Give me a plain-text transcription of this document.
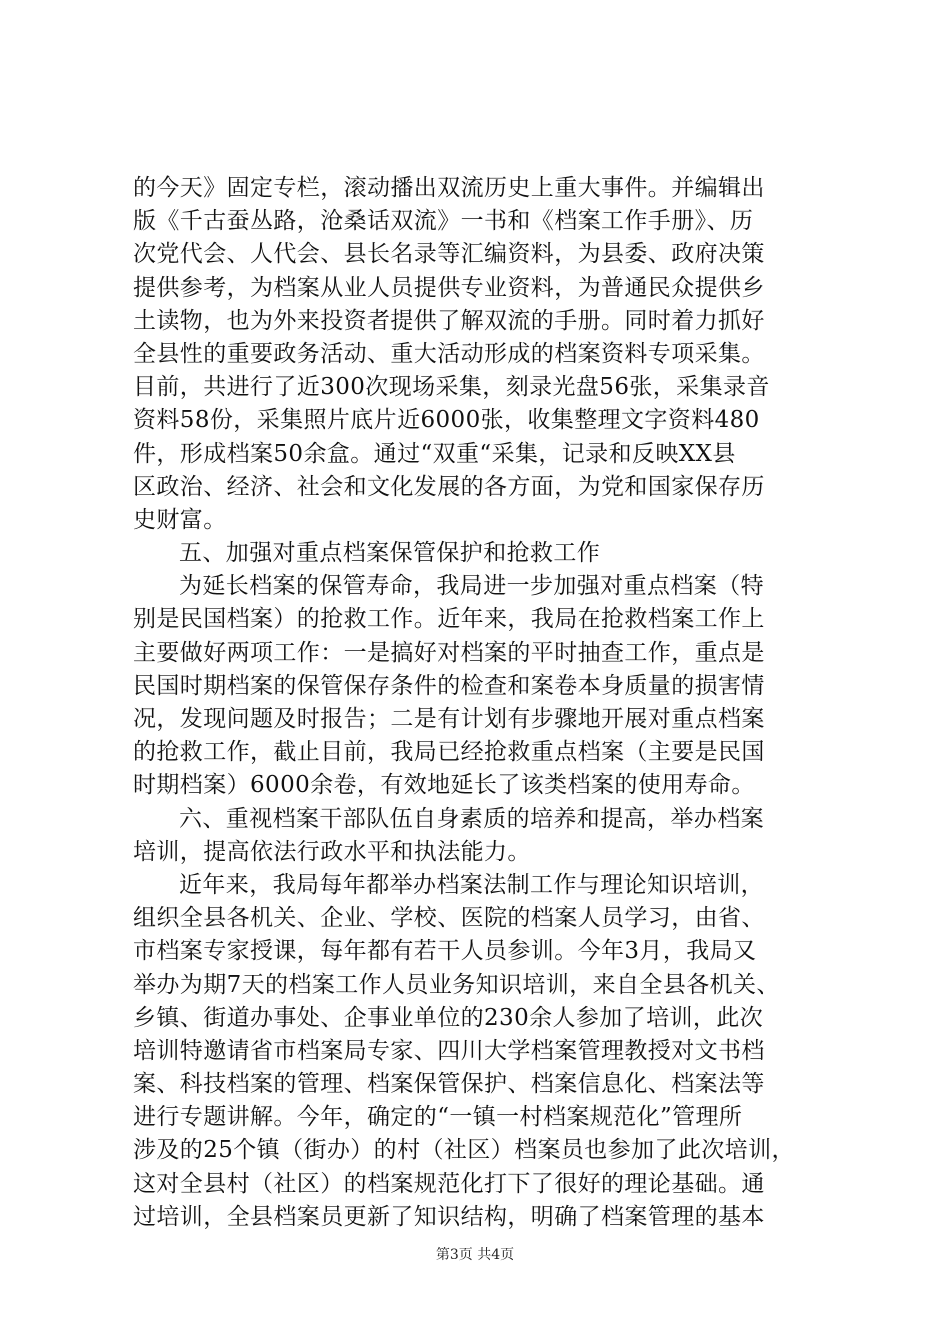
的今天》固定专栏，滚动播出双流历史上重大事件。并编辑出
版《千古蚕丛路，沧桑话双流》一书和《档案工作手册》、历
次党代会、人代会、县长名录等汇编资料，为县委、政府决策
提供参考，为档案从业人员提供专业资料，为普通民众提供乡
土读物，也为外来投资者提供了解双流的手册。同时着力抓好
全县性的重要政务活动、重大活动形成的档案资料专项采集。
目前，共进行了近300次现场采集，刻录光盘56张，采集录音
资料58份，采集照片底片近6000张，收集整理文字资料480
件，形成档案50余盒。通过“双重“采集，记录和反映XX县
区政治、经济、社会和文化发展的各方面，为党和国家保存历
史财富。
五、加强对重点档案保管保护和抢救工作
为延长档案的保管寿命，我局进一步加强对重点档案（特
别是民国档案）的抢救工作。近年来，我局在抢救档案工作上
主要做好两项工作：一是搞好对档案的平时抽查工作，重点是
民国时期档案的保管保存条件的检查和案卷本身质量的损害情
况，发现问题及时报告；二是有计划有步骤地开展对重点档案
的抢救工作，截止目前，我局已经抢救重点档案（主要是民国
时期档案）6000余卷，有效地延长了该类档案的使用寿命。
六、重视档案干部队伍自身素质的培养和提高，举办档案
培训，提高依法行政水平和执法能力。
近年来，我局每年都举办档案法制工作与理论知识培训，
组织全县各机关、企业、学校、医院的档案人员学习，由省、
市档案专家授课，每年都有若干人员参训。今年3月，我局又
举办为期7天的档案工作人员业务知识培训，来自全县各机关、
乡镇、街道办事处、企事业单位的230余人参加了培训，此次
培训特邀请省市档案局专家、四川大学档案管理教授对文书档
案、科技档案的管理、档案保管保护、档案信息化、档案法等
进行专题讲解。今年，确定的“一镇一村档案规范化”管理所
涉及的25个镇（街办）的村（社区）档案员也参加了此次培训，
这对全县村（社区）的档案规范化打下了很好的理论基础。通
过培训，全县档案员更新了知识结构，明确了档案管理的基本
第3页 共4页
